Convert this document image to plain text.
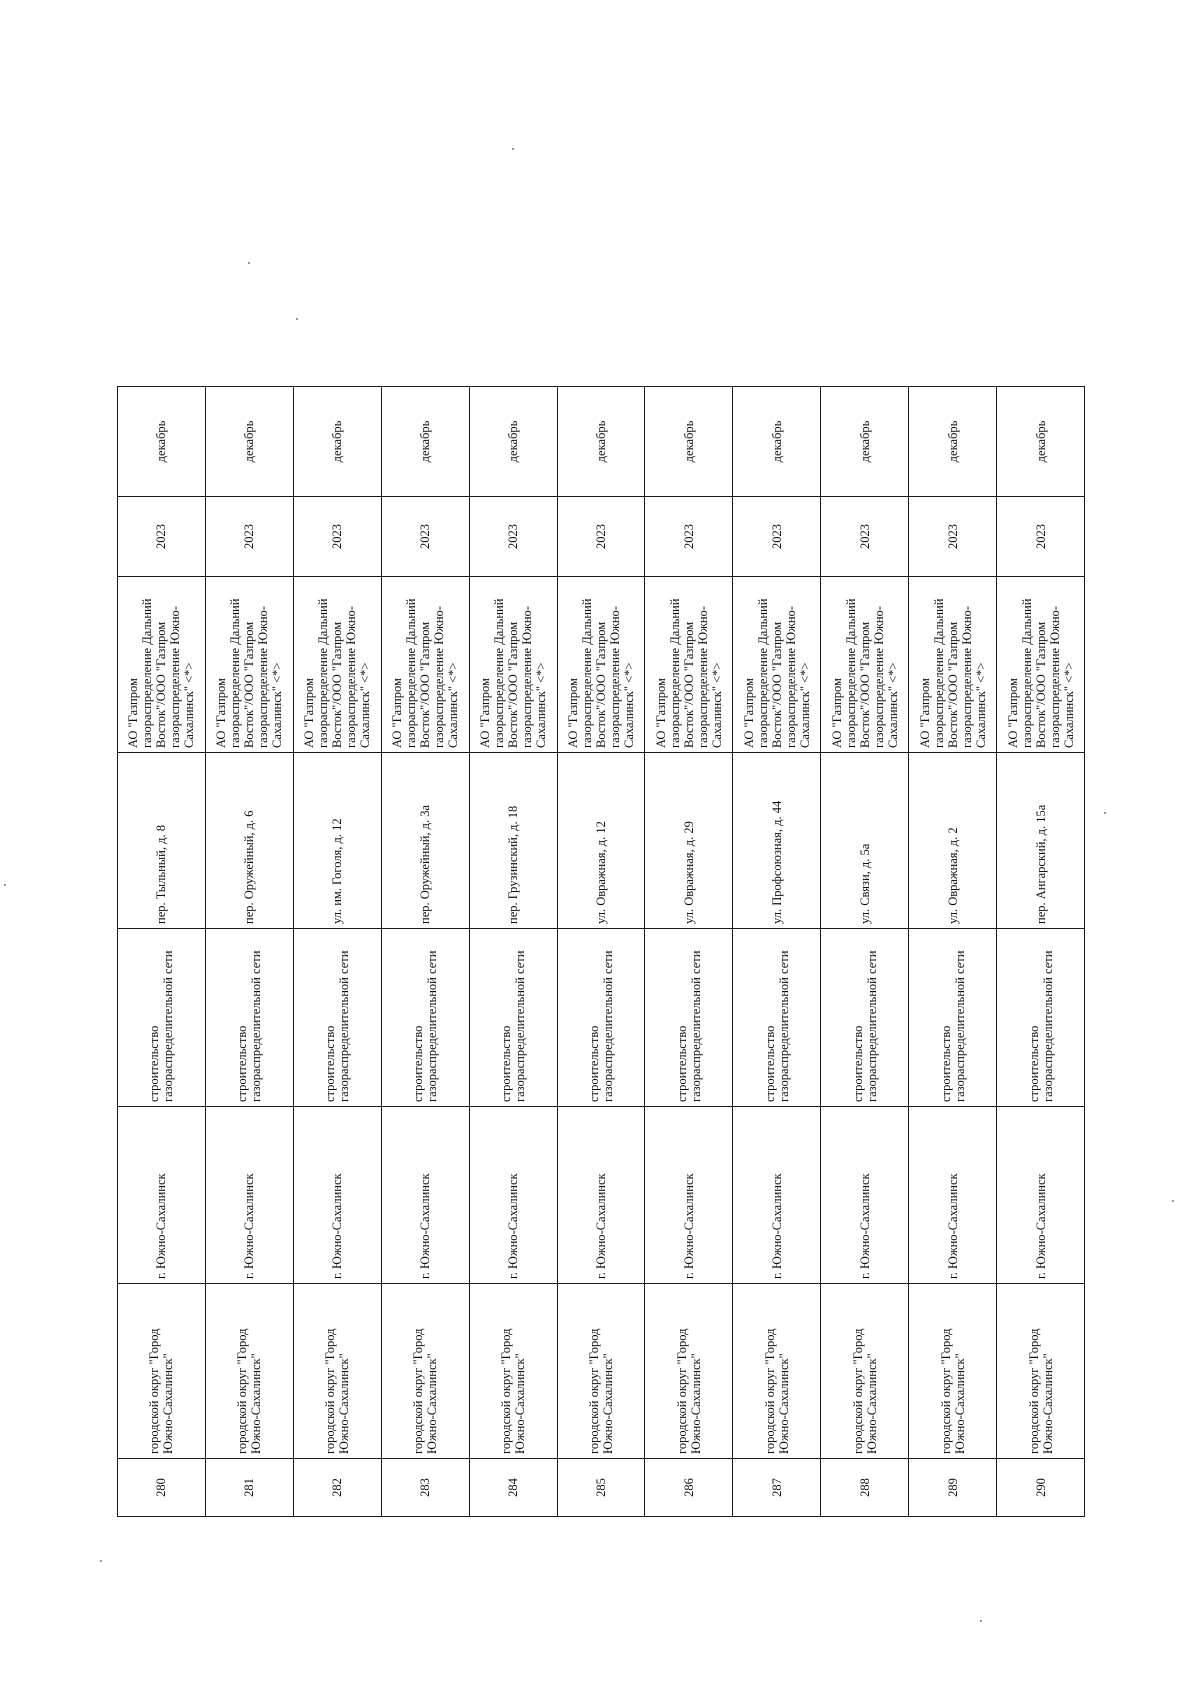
280	городской округ "Город Южно-Сахалинск"	г. Южно-Сахалинск	строительство газораспределительной сети	пер. Тыльный, д. 8	АО "Газпром газораспределение Дальний Восток"/ООО "Газпром газораспределение Южно-Сахалинск" <*>	2023	декабрь
281	городской округ "Город Южно-Сахалинск"	г. Южно-Сахалинск	строительство газораспределительной сети	пер. Оружейный, д. 6	АО "Газпром газораспределение Дальний Восток"/ООО "Газпром газораспределение Южно-Сахалинск" <*>	2023	декабрь
282	городской округ "Город Южно-Сахалинск"	г. Южно-Сахалинск	строительство газораспределительной сети	ул. им. Гоголя, д. 12	АО "Газпром газораспределение Дальний Восток"/ООО "Газпром газораспределение Южно-Сахалинск" <*>	2023	декабрь
283	городской округ "Город Южно-Сахалинск"	г. Южно-Сахалинск	строительство газораспределительной сети	пер. Оружейный, д. 3а	АО "Газпром газораспределение Дальний Восток"/ООО "Газпром газораспределение Южно-Сахалинск" <*>	2023	декабрь
284	городской округ "Город Южно-Сахалинск"	г. Южно-Сахалинск	строительство газораспределительной сети	пер. Грузинский, д. 18	АО "Газпром газораспределение Дальний Восток"/ООО "Газпром газораспределение Южно-Сахалинск" <*>	2023	декабрь
285	городской округ "Город Южно-Сахалинск"	г. Южно-Сахалинск	строительство газораспределительной сети	ул. Овражная, д. 12	АО "Газпром газораспределение Дальний Восток"/ООО "Газпром газораспределение Южно-Сахалинск" <*>	2023	декабрь
286	городской округ "Город Южно-Сахалинск"	г. Южно-Сахалинск	строительство газораспределительной сети	ул. Овражная, д. 29	АО "Газпром газораспределение Дальний Восток"/ООО "Газпром газораспределение Южно-Сахалинск" <*>	2023	декабрь
287	городской округ "Город Южно-Сахалинск"	г. Южно-Сахалинск	строительство газораспределительной сети	ул. Профсоюзная, д. 44	АО "Газпром газораспределение Дальний Восток"/ООО "Газпром газораспределение Южно-Сахалинск" <*>	2023	декабрь
288	городской округ "Город Южно-Сахалинск"	г. Южно-Сахалинск	строительство газораспределительной сети	ул. Связи, д. 5а	АО "Газпром газораспределение Дальний Восток"/ООО "Газпром газораспределение Южно-Сахалинск" <*>	2023	декабрь
289	городской округ "Город Южно-Сахалинск"	г. Южно-Сахалинск	строительство газораспределительной сети	ул. Овражная, д. 2	АО "Газпром газораспределение Дальний Восток"/ООО "Газпром газораспределение Южно-Сахалинск" <*>	2023	декабрь
290	городской округ "Город Южно-Сахалинск"	г. Южно-Сахалинск	строительство газораспределительной сети	пер. Ангарский, д. 15а	АО "Газпром газораспределение Дальний Восток"/ООО "Газпром газораспределение Южно-Сахалинск" <*>	2023	декабрь
